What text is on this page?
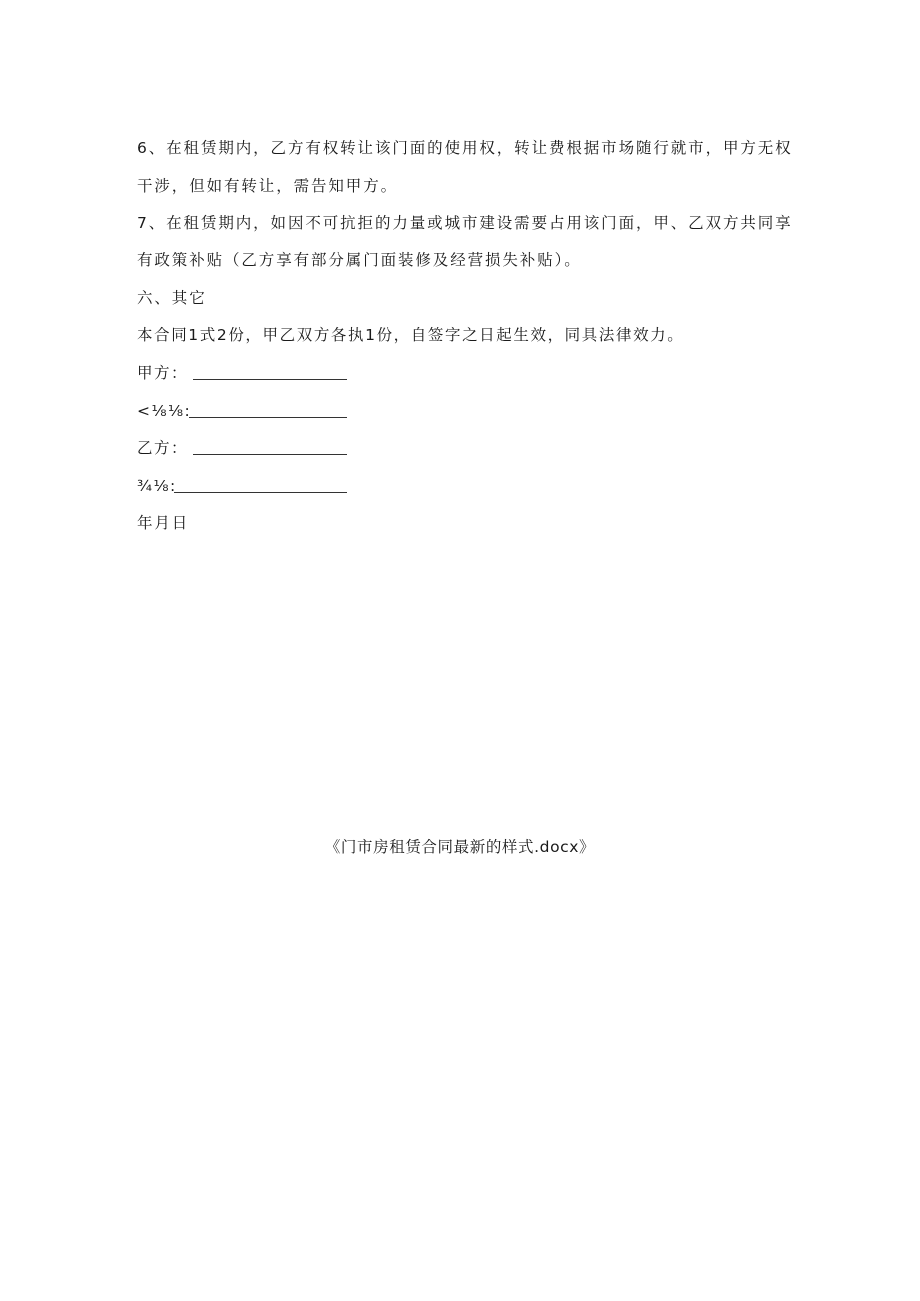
6、在租赁期内，乙方有权转让该门面的使用权，转让费根据市场随行就市，甲方无权
干涉，但如有转让，需告知甲方。
7、在租赁期内，如因不可抗拒的力量或城市建设需要占用该门面，甲、乙双方共同享
有政策补贴（乙方享有部分属门面装修及经营损失补贴）。
六、其它
本合同1式2份，甲乙双方各执1份，自签字之日起生效，同具法律效力。
甲方：
<⅛⅛:
乙方：
¾⅛:
年月日
《门市房租赁合同最新的样式.docx》
